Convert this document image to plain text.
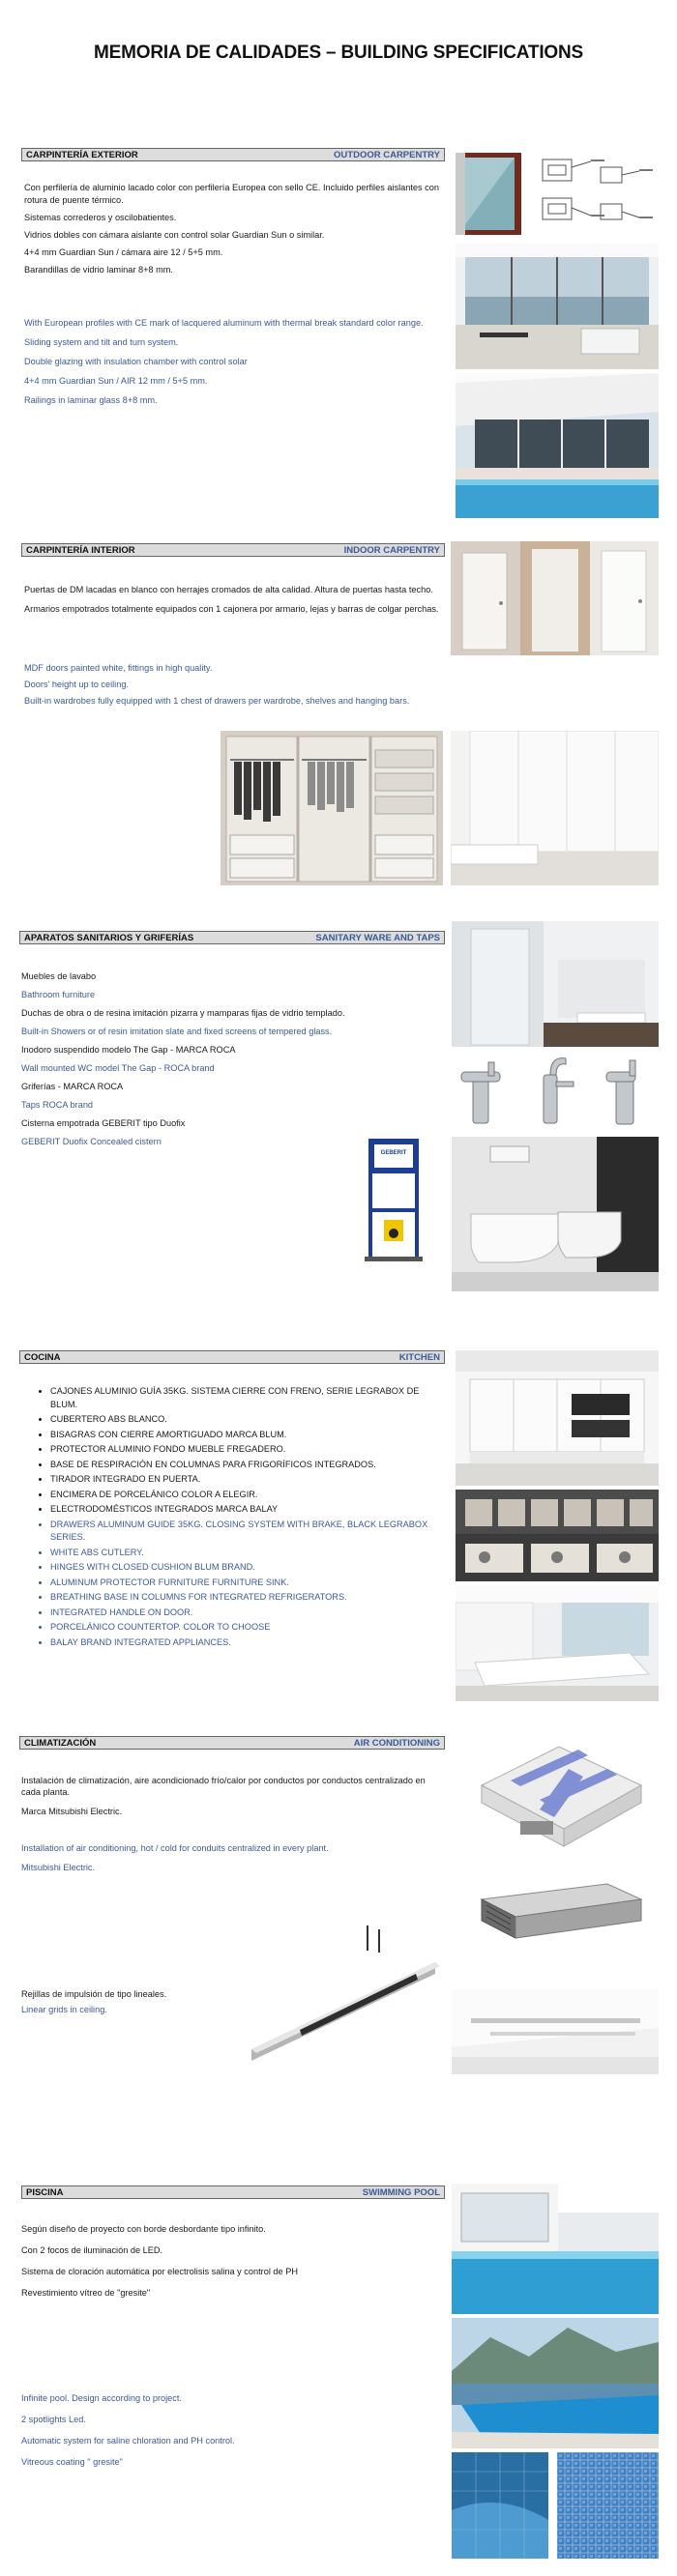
MEMORIA DE CALIDADES – BUILDING SPECIFICATIONS
CARPINTERÍA EXTERIOR	OUTDOOR CARPENTRY

Con perfilería de aluminio lacado color con perfilería Europea con sello CE. Incluido perfiles aislantes con rotura de puente térmico.

Sistemas correderos y oscilobatientes.

Vidrios dobles con cámara aislante con control solar Guardian Sun o similar.

4+4 mm Guardian Sun / cámara aire 12 / 5+5 mm.

Barandillas de vidrio laminar 8+8 mm.

With European profiles with CE mark of lacquered aluminum with thermal break standard color range.

Sliding system and tilt and turn system.

Double glazing with insulation chamber with control solar

4+4 mm Guardian Sun / AIR 12 mm / 5+5 mm.

Railings in laminar glass 8+8 mm.

CARPINTERÍA INTERIOR	INDOOR CARPENTRY

Puertas de DM lacadas en blanco con herrajes cromados de alta calidad. Altura de puertas hasta techo. Armarios empotrados totalmente equipados con 1 cajonera por armario, lejas y barras de colgar perchas.

MDF doors painted white, fittings in high quality.

Doors' height up to ceiling.

Built-in wardrobes fully equipped with 1 chest of drawers per wardrobe, shelves and hanging bars.

APARATOS SANITARIOS Y GRIFERÍAS	SANITARY WARE AND TAPS

Muebles de lavabo

Bathroom furniture

Duchas de obra o de resina imitación pizarra y mamparas fijas de vidrio templado.

Built-in Showers or of resin imitation slate and fixed screens of tempered glass.

Inodoro suspendido modelo The Gap - MARCA ROCA

Wall mounted WC model The Gap - ROCA brand

Griferías - MARCA ROCA

Taps ROCA brand

Cisterna empotrada GEBERIT tipo Duofix

GEBERIT Duofix Concealed cistern

GEBERIT
COCINA	KITCHEN
• CAJONES ALUMINIO GUÍA 35KG. SISTEMA CIERRE CON FRENO, SERIE LEGRABOX DE BLUM.
• CUBERTERO ABS BLANCO.
• BISAGRAS CON CIERRE AMORTIGUADO MARCA BLUM.
• PROTECTOR ALUMINIO FONDO MUEBLE FREGADERO.
• BASE DE RESPIRACIÓN EN COLUMNAS PARA FRIGORÍFICOS INTEGRADOS.
• TIRADOR INTEGRADO EN PUERTA.
• ENCIMERA DE PORCELÁNICO COLOR A ELEGIR.
• ELECTRODOMÉSTICOS INTEGRADOS MARCA BALAY
• DRAWERS ALUMINUM GUIDE 35KG. CLOSING SYSTEM WITH BRAKE, BLACK LEGRABOX SERIES.
• WHITE ABS CUTLERY.
• HINGES WITH CLOSED CUSHION BLUM BRAND.
• ALUMINUM PROTECTOR FURNITURE FURNITURE SINK.
• BREATHING BASE IN COLUMNS FOR INTEGRATED REFRIGERATORS.
• INTEGRATED HANDLE ON DOOR.
• PORCELÁNICO COUNTERTOP. COLOR TO CHOOSE
• BALAY BRAND INTEGRATED APPLIANCES.
CLIMATIZACIÓN	AIR CONDITIONING

Instalación de climatización, aire acondicionado frío/calor por conductos por conductos centralizado en cada planta.

Marca Mitsubishi Electric.

Installation of air conditioning, hot / cold for conduits centralized in every plant.

Mitsubishi Electric.

Rejillas de impulsión de tipo lineales.

Linear grids in ceiling.

PISCINA	SWIMMING POOL

Según diseño de proyecto con borde desbordante tipo infinito.

Con 2 focos de iluminación de LED.

Sistema de cloración automática por electrolisis salina y control de PH

Revestimiento vítreo de "gresite"

Infinite pool. Design according to project.

2 spotlights Led.

Automatic system for saline chloration and PH control.

Vitreous coating " gresite"
